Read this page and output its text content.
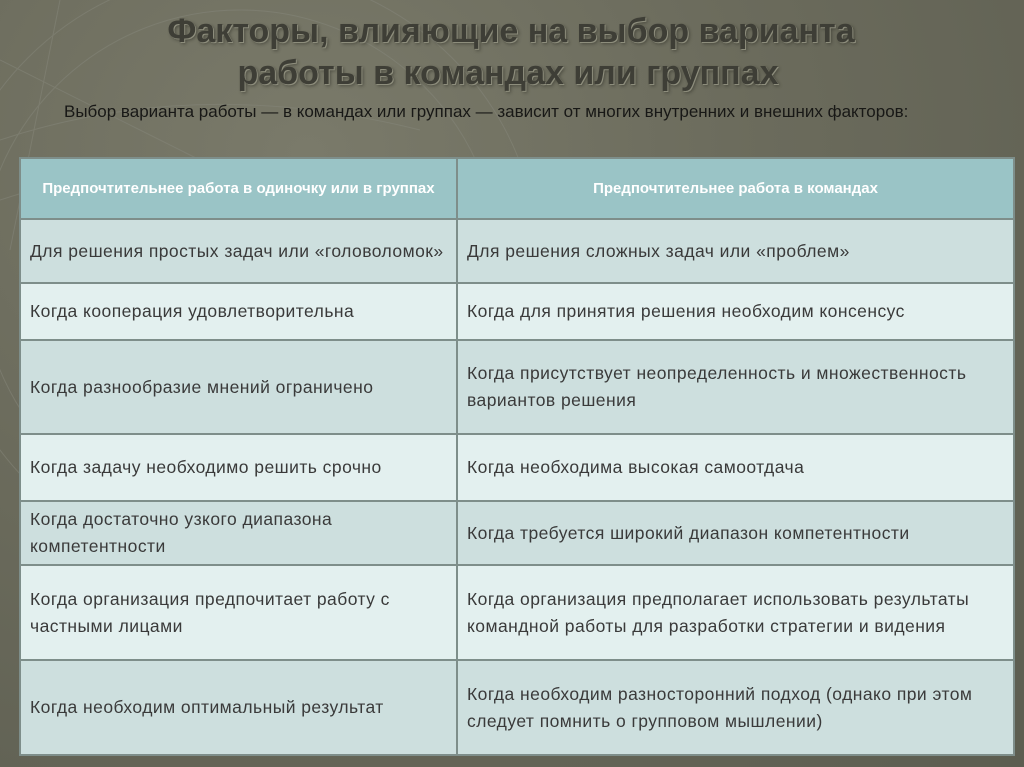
Факторы, влияющие на выбор варианта
работы в командах или группах
Выбор варианта работы — в командах или группах — зависит от многих внутренних и внешних факторов:
Предпочтительнее работа в одиночку или в группах	Предпочтительнее работа в командах
Для решения простых задач или «головоломок»	Для решения сложных задач или «проблем»
Когда кооперация удовлетворительна	Когда для принятия решения необходим консенсус
Когда разнообразие мнений ограничено	Когда присутствует неопределенность и множественность вариантов решения
Когда задачу необходимо решить срочно	Когда необходима высокая самоотдача
Когда достаточно узкого диапазона компетентности	Когда требуется широкий диапазон компетентности
Когда организация предпочитает работу с частными лицами	Когда организация предполагает использовать результаты командной работы для разработки стратегии и видения
Когда необходим оптимальный результат	Когда необходим разносторонний подход (однако при этом следует помнить о групповом мышлении)
